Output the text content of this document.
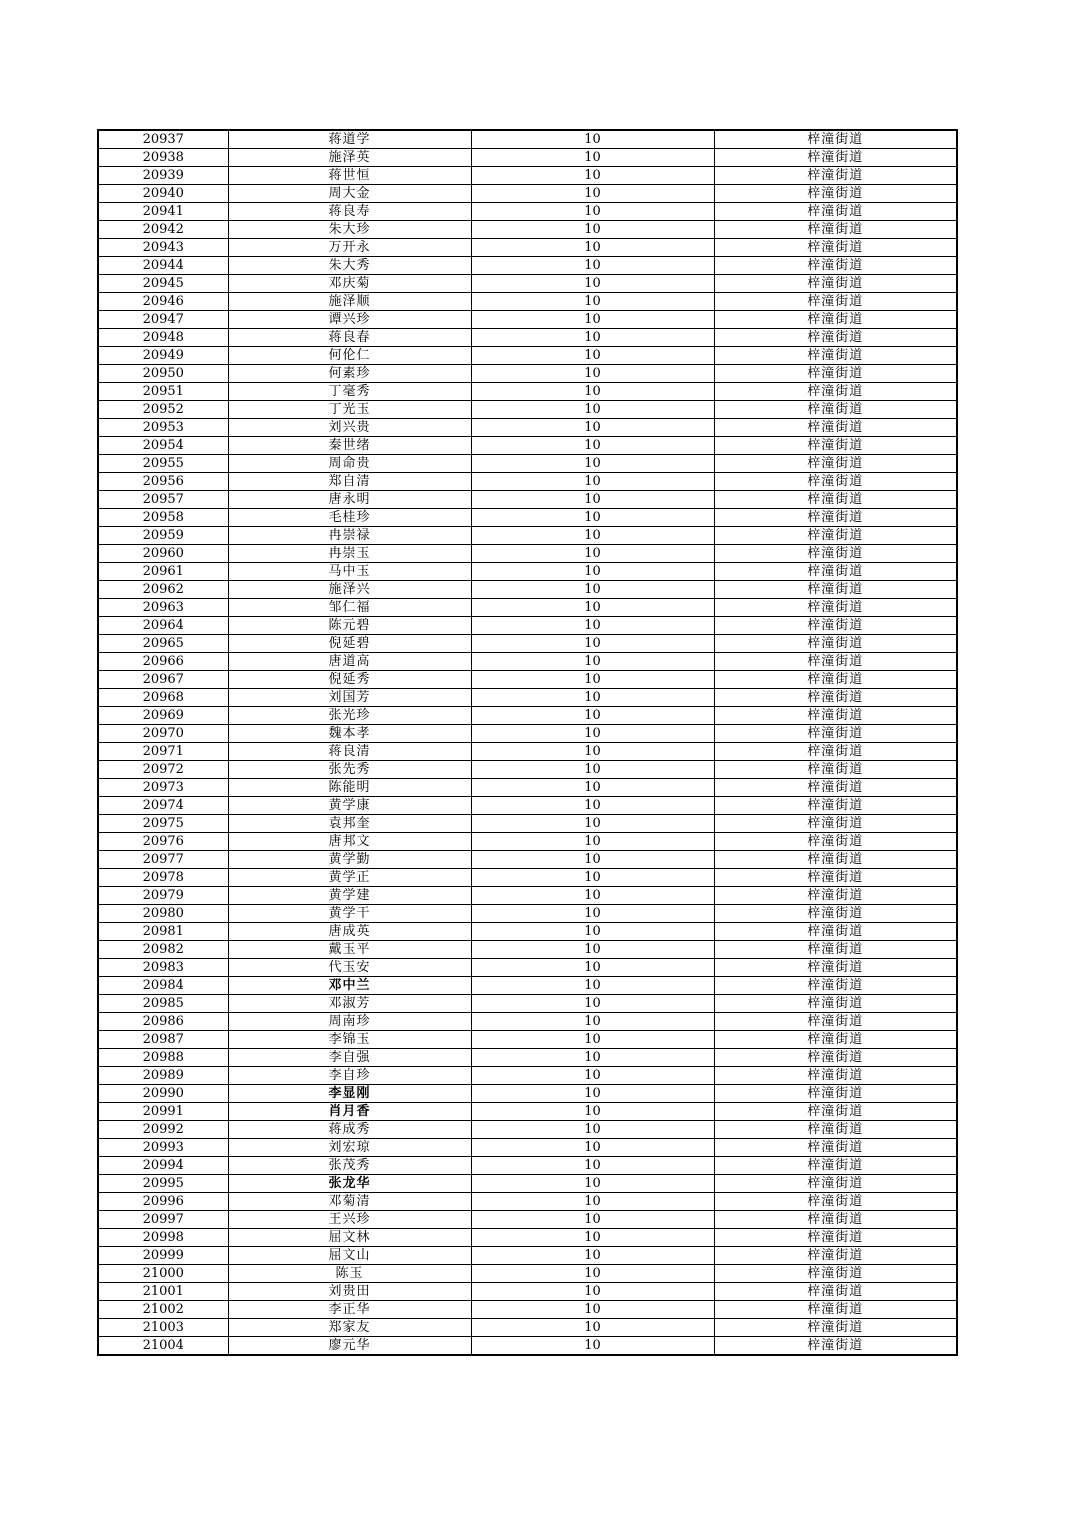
20937	蒋道学	10	梓潼街道
20938	施泽英	10	梓潼街道
20939	蒋世恒	10	梓潼街道
20940	周大金	10	梓潼街道
20941	蒋良寿	10	梓潼街道
20942	朱大珍	10	梓潼街道
20943	万开永	10	梓潼街道
20944	朱大秀	10	梓潼街道
20945	邓庆菊	10	梓潼街道
20946	施泽顺	10	梓潼街道
20947	谭兴珍	10	梓潼街道
20948	蒋良春	10	梓潼街道
20949	何伦仁	10	梓潼街道
20950	何素珍	10	梓潼街道
20951	丁毫秀	10	梓潼街道
20952	丁光玉	10	梓潼街道
20953	刘兴贵	10	梓潼街道
20954	秦世绪	10	梓潼街道
20955	周命贵	10	梓潼街道
20956	郑自清	10	梓潼街道
20957	唐永明	10	梓潼街道
20958	毛桂珍	10	梓潼街道
20959	冉崇禄	10	梓潼街道
20960	冉崇玉	10	梓潼街道
20961	马中玉	10	梓潼街道
20962	施泽兴	10	梓潼街道
20963	邹仁福	10	梓潼街道
20964	陈元碧	10	梓潼街道
20965	倪延碧	10	梓潼街道
20966	唐道高	10	梓潼街道
20967	倪延秀	10	梓潼街道
20968	刘国芳	10	梓潼街道
20969	张光珍	10	梓潼街道
20970	魏本孝	10	梓潼街道
20971	蒋良清	10	梓潼街道
20972	张先秀	10	梓潼街道
20973	陈能明	10	梓潼街道
20974	黄学康	10	梓潼街道
20975	袁邦奎	10	梓潼街道
20976	唐邦文	10	梓潼街道
20977	黄学勤	10	梓潼街道
20978	黄学正	10	梓潼街道
20979	黄学建	10	梓潼街道
20980	黄学干	10	梓潼街道
20981	唐成英	10	梓潼街道
20982	戴玉平	10	梓潼街道
20983	代玉安	10	梓潼街道
20984	邓中兰	10	梓潼街道
20985	邓淑芳	10	梓潼街道
20986	周南珍	10	梓潼街道
20987	李锦玉	10	梓潼街道
20988	李自强	10	梓潼街道
20989	李自珍	10	梓潼街道
20990	李显刚	10	梓潼街道
20991	肖月香	10	梓潼街道
20992	蒋成秀	10	梓潼街道
20993	刘宏琼	10	梓潼街道
20994	张茂秀	10	梓潼街道
20995	张龙华	10	梓潼街道
20996	邓菊清	10	梓潼街道
20997	王兴珍	10	梓潼街道
20998	屈文林	10	梓潼街道
20999	屈文山	10	梓潼街道
21000	陈玉	10	梓潼街道
21001	刘贵田	10	梓潼街道
21002	李正华	10	梓潼街道
21003	郑家友	10	梓潼街道
21004	廖元华	10	梓潼街道
